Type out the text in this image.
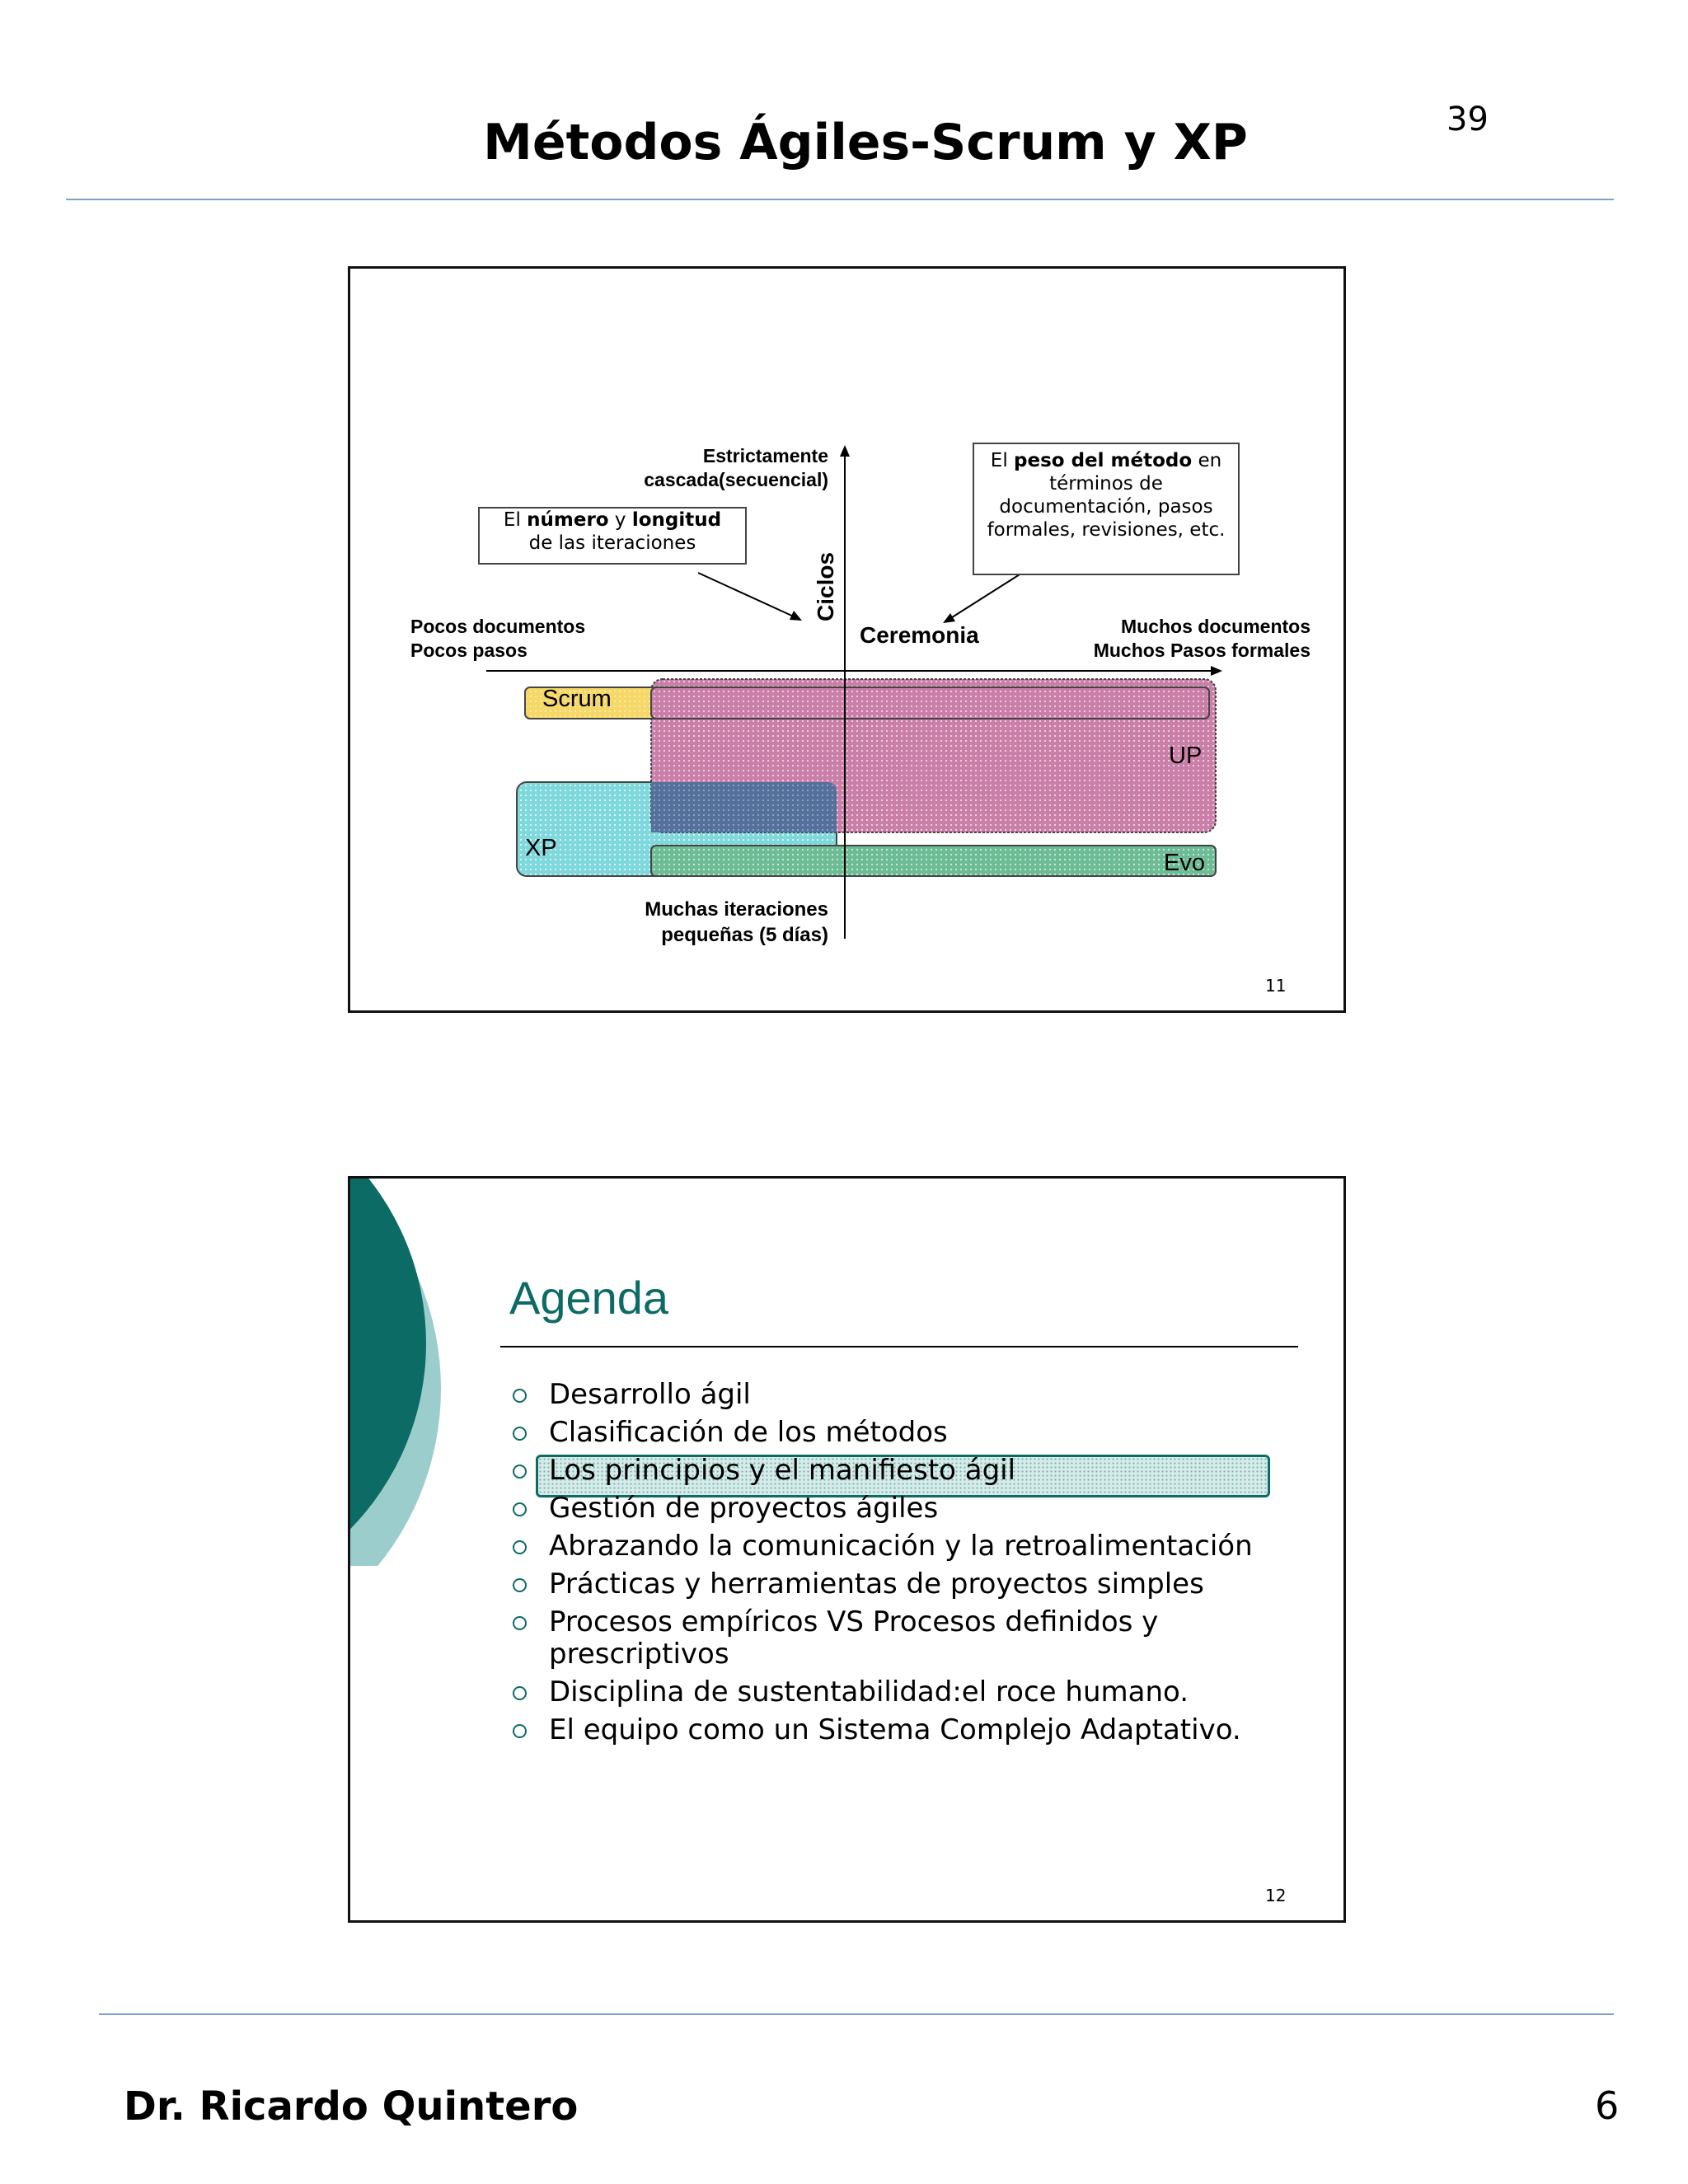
Métodos Ágiles-Scrum y XP	39
Estrictamente
cascada(secuencial)
El número y longitud
de las iteraciones
El peso del método en
términos de
documentación, pasos
formales, revisiones, etc.
Pocos documentos
Pocos pasos
Muchos documentos
Muchos Pasos formales
Ciclos
Ceremonia
Scrum
UP
XP
Evo
Muchas iteraciones
pequeñas (5 días)
11
Agenda
Desarrollo ágil
Clasificación de los métodos
Los principios y el manifiesto ágil
Gestión de proyectos ágiles
Abrazando la comunicación y la retroalimentación
Prácticas y herramientas de proyectos simples
Procesos empíricos VS Procesos definidos y prescriptivos
Disciplina de sustentabilidad:el roce humano.
El equipo como un Sistema Complejo Adaptativo.
12
Dr. Ricardo Quintero	6
